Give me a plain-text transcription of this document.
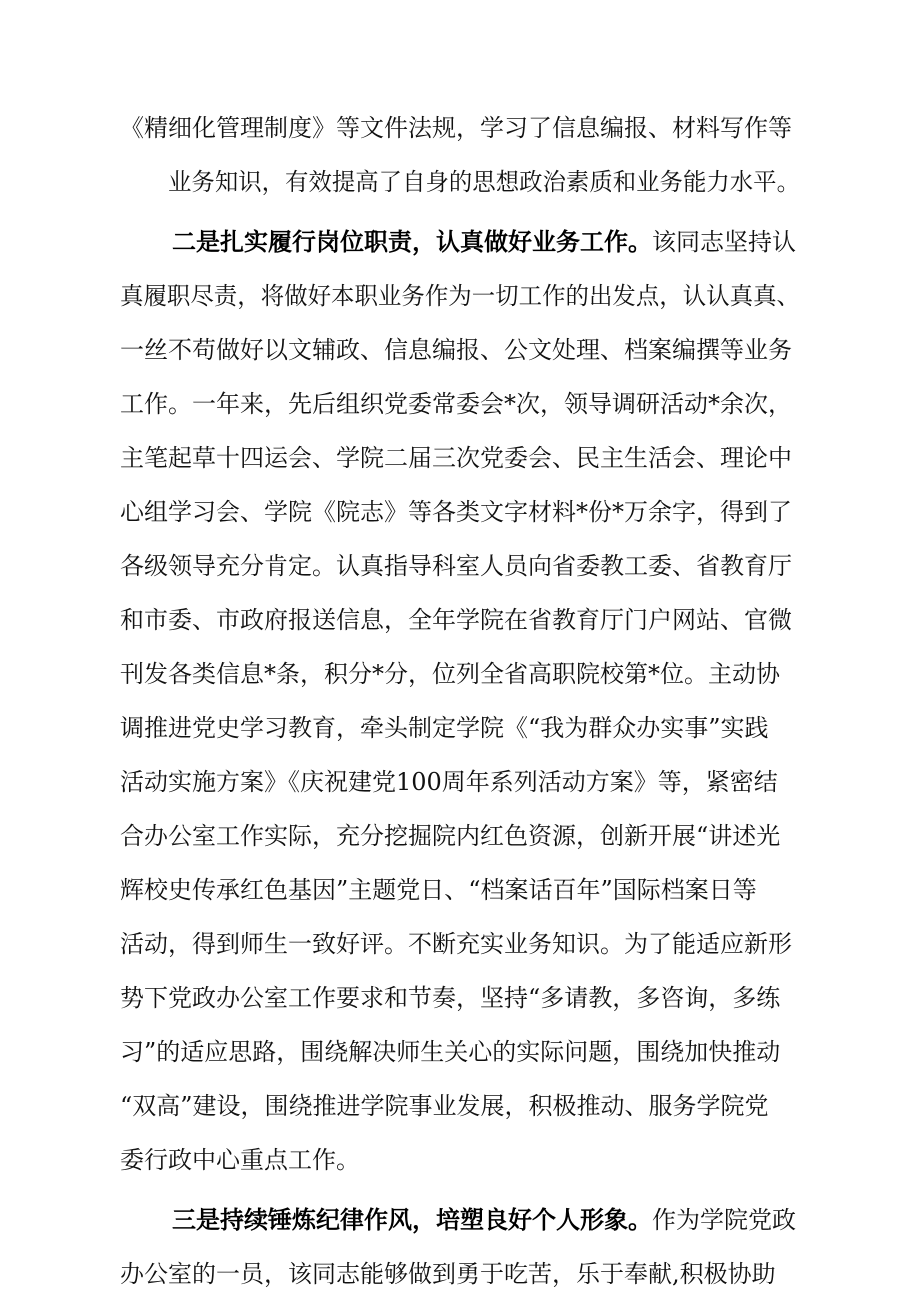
《精细化管理制度》等文件法规，学习了信息编报、材料写作等
业务知识，有效提高了自身的思想政治素质和业务能力水平。
二是扎实履行岗位职责，认真做好业务工作。 该同志坚持认
真履职尽责，将做好本职业务作为一切工作的出发点，认认真真、
一丝不苟做好以文辅政、信息编报、公文处理、档案编撰等业务
工作。一年来，先后组织党委常委会*次，领导调研活动*余次，
主笔起草十四运会、学院二届三次党委会、民主生活会、理论中
心组学习会、学院《院志》等各类文字材料*份*万余字，得到了
各级领导充分肯定。认真指导科室人员向省委教工委、省教育厅
和市委、市政府报送信息，全年学院在省教育厅门户网站、官微
刊发各类信息*条，积分*分，位列全省高职院校第*位。主动协
调推进党史学习教育，牵头制定学院《“我为群众办实事”实践
活动实施方案》《庆祝建党100周年系列活动方案》等，紧密结
合办公室工作实际，充分挖掘院内红色资源，创新开展“讲述光
辉校史传承红色基因”主题党日、“档案话百年”国际档案日等
活动，得到师生一致好评。不断充实业务知识。为了能适应新形
势下党政办公室工作要求和节奏，坚持“多请教，多咨询，多练
习”的适应思路，围绕解决师生关心的实际问题，围绕加快推动
“双高”建设，围绕推进学院事业发展，积极推动、服务学院党
委行政中心重点工作。
三是持续锤炼纪律作风，培塑良好个人形象。 作为学院党政
办公室的一员，该同志能够做到勇于吃苦，乐于奉献,积极协助
